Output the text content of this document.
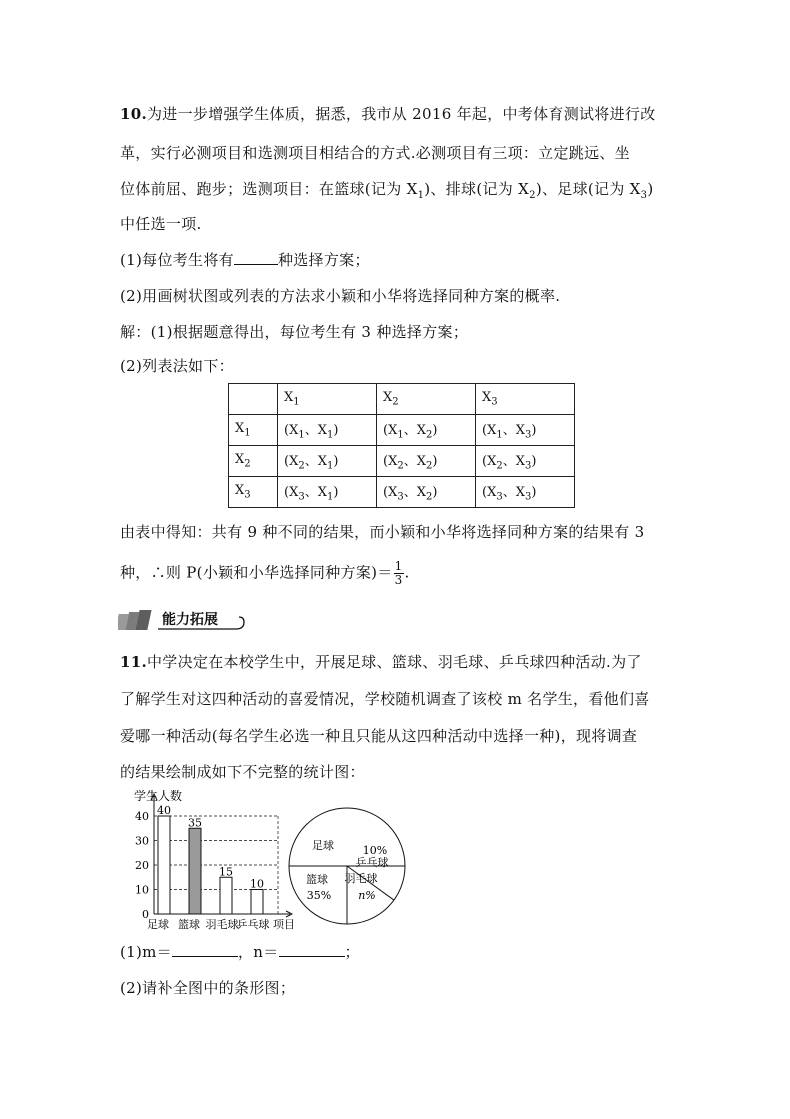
10.为进一步增强学生体质，据悉，我市从 2016 年起，中考体育测试将进行改
革，实行必测项目和选测项目相结合的方式.必测项目有三项：立定跳远、坐
位体前屈、跑步；选测项目：在篮球(记为 $X_1$)、排球(记为 $X_2$)、足球(记为 $X_3$)
中任选一项.
(1)每位考生将有	种选择方案；
(2)用画树状图或列表的方法求小颖和小华将选择同种方案的概率.
解：(1)根据题意得出，每位考生有 3 种选择方案；
(2)列表法如下：
	$X_1$	$X_2$	$X_3$
$X_1$	($X_1$、$X_1$)	($X_1$、$X_2$)	($X_1$、$X_3$)
$X_2$	($X_2$、$X_1$)	($X_2$、$X_2$)	($X_2$、$X_3$)
$X_3$	($X_3$、$X_1$)	($X_3$、$X_2$)	($X_3$、$X_3$)
由表中得知：共有 9 种不同的结果，而小颖和小华将选择同种方案的结果有 3
种，∴则 P(小颖和小华选择同种方案)＝ $\frac{1}{3}$ .
能力拓展
11.中学决定在本校学生中，开展足球、篮球、羽毛球、乒乓球四种活动.为了
了解学生对这四种活动的喜爱情况，学校随机调查了该校 m 名学生，看他们喜
爱哪一种活动(每名学生必选一种且只能从这四种活动中选择一种)，现将调查
的结果绘制成如下不完整的统计图：
学生人数
项目
0
10
20
30
40 40
足球
35
篮球
15
羽毛球
10
乒乓球
足球
篮球
35%
羽毛球
n%
乒乓球
10%
(1)m＝	，n＝	；
(2)请补全图中的条形图；
